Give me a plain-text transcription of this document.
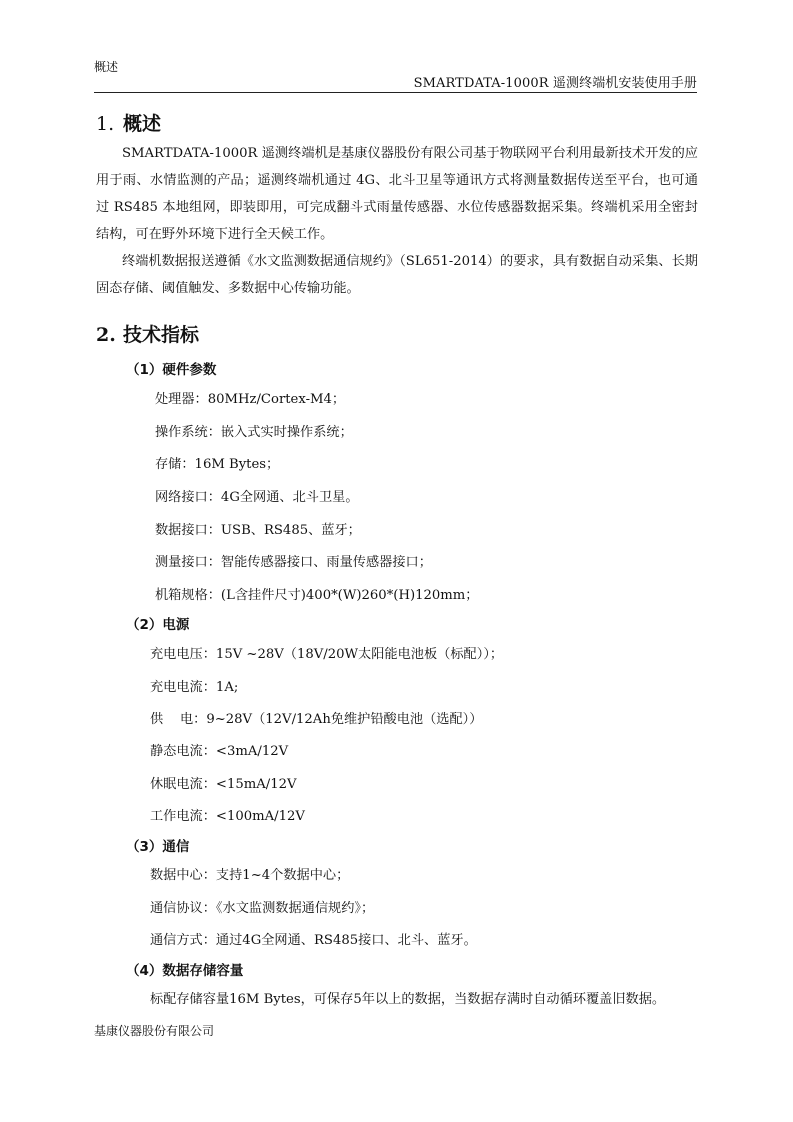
概述
SMARTDATA-1000R 遥测终端机安装使用手册
1. 概述
SMARTDATA-1000R 遥测终端机是基康仪器股份有限公司基于物联网平台利用最新技术开发的应用于雨、水情监测的产品；遥测终端机通过 4G、北斗卫星等通讯方式将测量数据传送至平台，也可通过 RS485 本地组网，即装即用，可完成翻斗式雨量传感器、水位传感器数据采集。终端机采用全密封结构，可在野外环境下进行全天候工作。
终端机数据报送遵循《水文监测数据通信规约》（SL651-2014）的要求，具有数据自动采集、长期固态存储、阈值触发、多数据中心传输功能。
2. 技术指标
（1）硬件参数
处理器：80MHz/Cortex-M4；
操作系统：嵌入式实时操作系统；
存储：16M Bytes；
网络接口：4G全网通、北斗卫星。
数据接口：USB、RS485、蓝牙；
测量接口：智能传感器接口、雨量传感器接口；
机箱规格：(L含挂件尺寸)400*(W)260*(H)120mm；
（2）电源
充电电压：15V ~28V（18V/20W太阳能电池板（标配））；
充电电流：1A;
供    电：9~28V（12V/12Ah免维护铅酸电池（选配））
静态电流：<3mA/12V
休眠电流：<15mA/12V
工作电流：<100mA/12V
（3）通信
数据中心：支持1~4个数据中心；
通信协议：《水文监测数据通信规约》；
通信方式：通过4G全网通、RS485接口、北斗、蓝牙。
（4）数据存储容量
标配存储容量16M Bytes，可保存5年以上的数据，当数据存满时自动循环覆盖旧数据。
基康仪器股份有限公司
